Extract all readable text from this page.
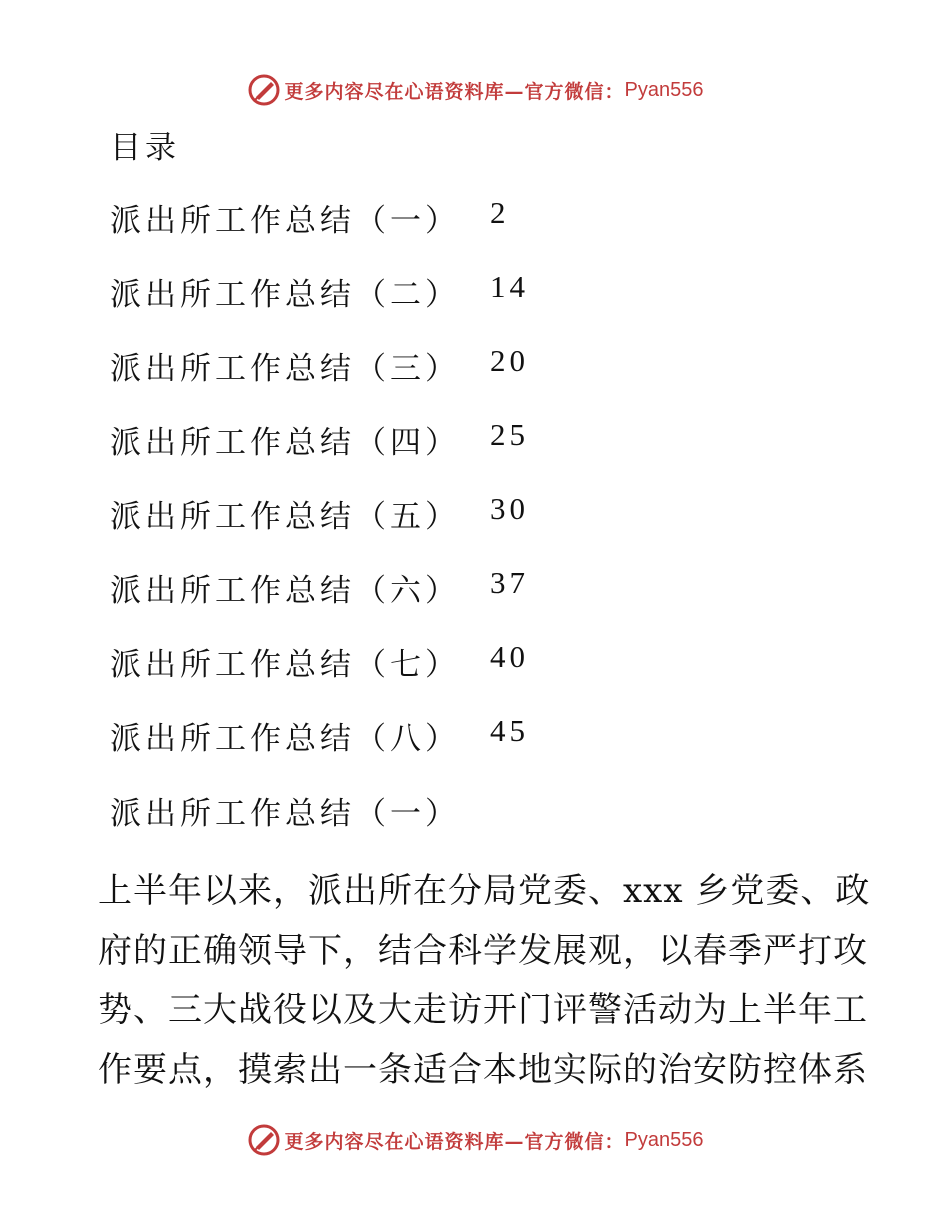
更多内容尽在心语资料库—官方微信： Pyan556
目录
派出所工作总结（一） 2
派出所工作总结（二） 14
派出所工作总结（三） 20
派出所工作总结（四） 25
派出所工作总结（五） 30
派出所工作总结（六） 37
派出所工作总结（七） 40
派出所工作总结（八） 45
派出所工作总结（一）
上半年以来，派出所在分局党委、xxx 乡党委、政
府的正确领导下，结合科学发展观，以春季严打攻
势、三大战役以及大走访开门评警活动为上半年工
作要点，摸索出一条适合本地实际的治安防控体系
更多内容尽在心语资料库—官方微信： Pyan556
